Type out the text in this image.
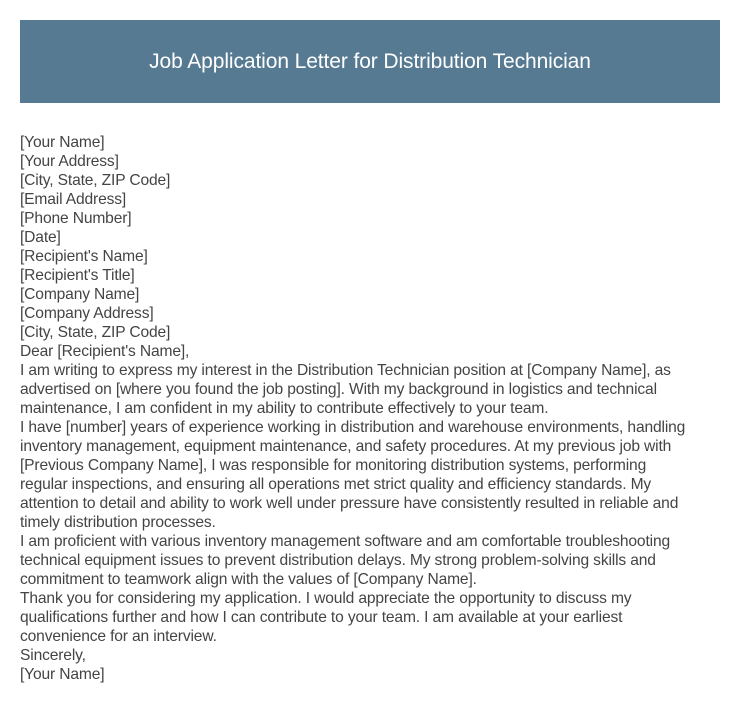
Job Application Letter for Distribution Technician
[Your Name]
[Your Address]
[City, State, ZIP Code]
[Email Address]
[Phone Number]
[Date]
[Recipient's Name]
[Recipient's Title]
[Company Name]
[Company Address]
[City, State, ZIP Code]
Dear [Recipient's Name],
I am writing to express my interest in the Distribution Technician position at [Company Name], as
advertised on [where you found the job posting]. With my background in logistics and technical
maintenance, I am confident in my ability to contribute effectively to your team.
I have [number] years of experience working in distribution and warehouse environments, handling
inventory management, equipment maintenance, and safety procedures. At my previous job with
[Previous Company Name], I was responsible for monitoring distribution systems, performing
regular inspections, and ensuring all operations met strict quality and efficiency standards. My
attention to detail and ability to work well under pressure have consistently resulted in reliable and
timely distribution processes.
I am proficient with various inventory management software and am comfortable troubleshooting
technical equipment issues to prevent distribution delays. My strong problem-solving skills and
commitment to teamwork align with the values of [Company Name].
Thank you for considering my application. I would appreciate the opportunity to discuss my
qualifications further and how I can contribute to your team. I am available at your earliest
convenience for an interview.
Sincerely,
[Your Name]
